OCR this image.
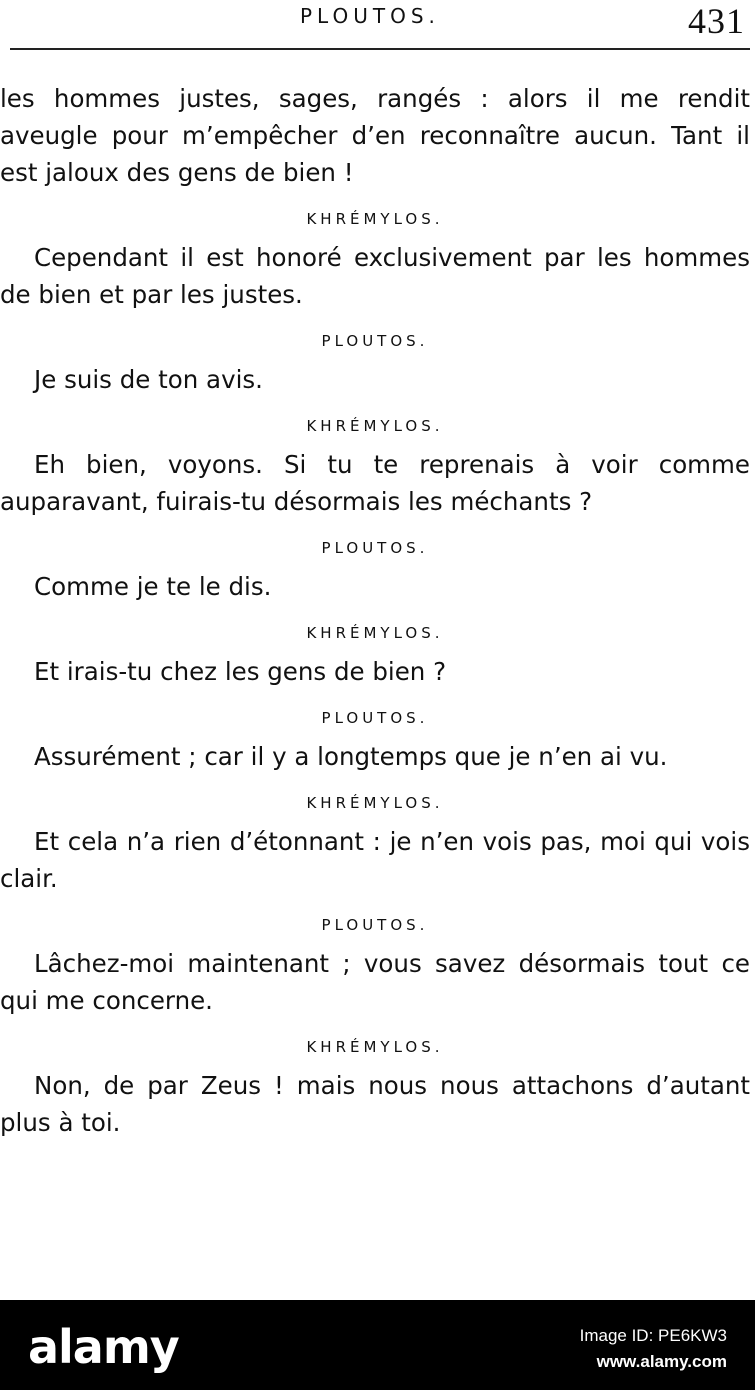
PLOUTOS.	431

les hommes justes, sages, rangés : alors il me rendit aveugle pour m’empêcher d’en reconnaître aucun. Tant il est jaloux des gens de bien !

KHRÉMYLOS.

Cependant il est honoré exclusivement par les hommes de bien et par les justes.

PLOUTOS.

Je suis de ton avis.

KHRÉMYLOS.

Eh bien, voyons. Si tu te reprenais à voir comme auparavant, fuirais-tu désormais les méchants ?

PLOUTOS.

Comme je te le dis.

KHRÉMYLOS.

Et irais-tu chez les gens de bien ?

PLOUTOS.

Assurément ; car il y a longtemps que je n’en ai vu.

KHRÉMYLOS.

Et cela n’a rien d’étonnant : je n’en vois pas, moi qui vois clair.

PLOUTOS.

Lâchez-moi maintenant ; vous savez désormais tout ce qui me concerne.

KHRÉMYLOS.

Non, de par Zeus ! mais nous nous attachons d’autant plus à toi.

alamy	Image ID: PE6KW3
www.alamy.com
